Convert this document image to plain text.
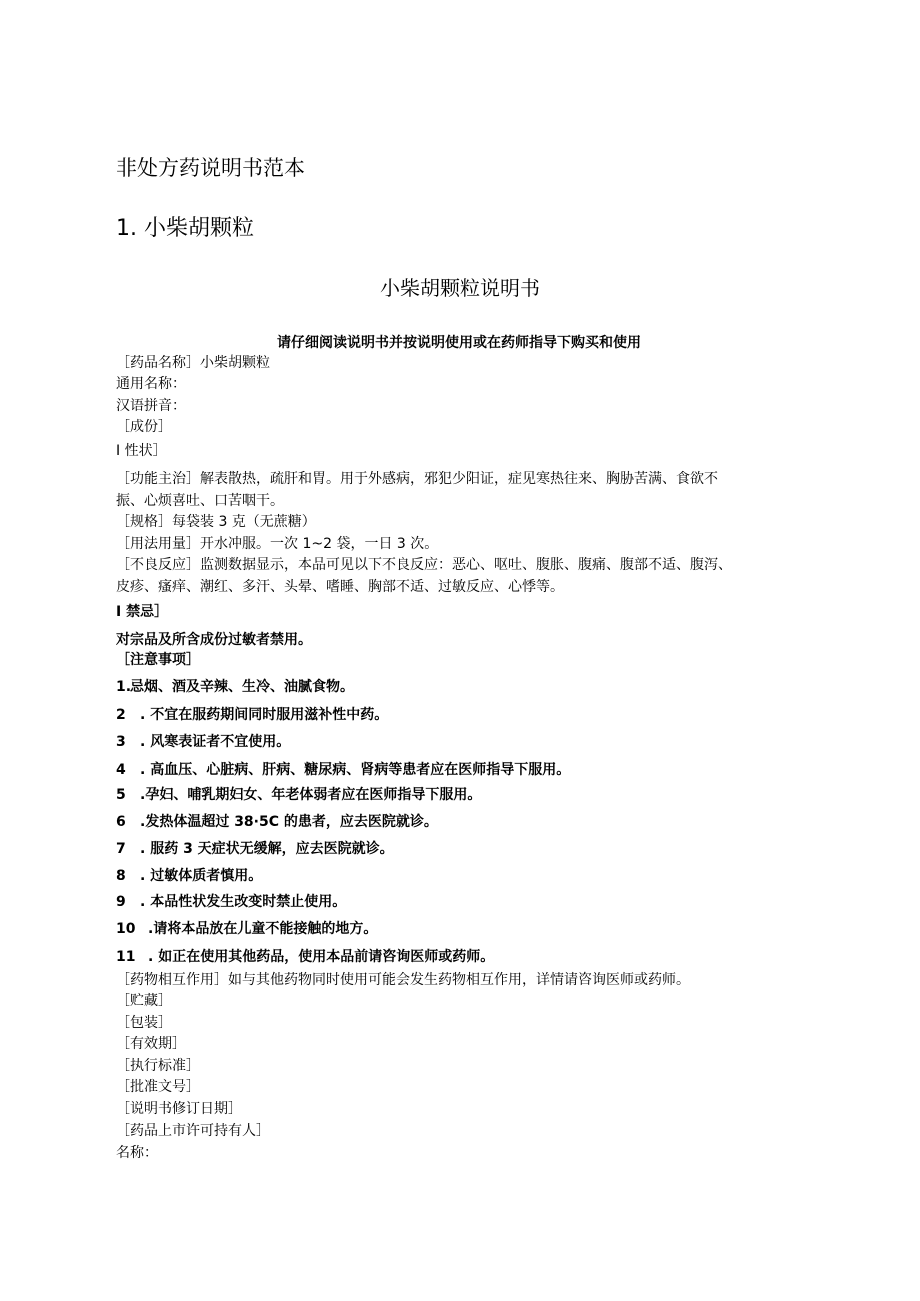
非处方药说明书范本
1. 小柴胡颗粒
小柴胡颗粒说明书
请仔细阅读说明书并按说明使用或在药师指导下购买和使用
［药品名称］小柴胡颗粒
通用名称：
汉语拼音：
［成份］
I 性状］
［功能主治］解表散热，疏肝和胃。用于外感病，邪犯少阳证，症见寒热往来、胸胁苦满、食欲不
振、心烦喜吐、口苦咽干。
［规格］每袋装 3 克（无蔗糖）
［用法用量］开水冲服。一次 1~2 袋，一日 3 次。
［不良反应］监测数据显示，本品可见以下不良反应：恶心、呕吐、腹胀、腹痛、腹部不适、腹泻、
皮疹、瘙痒、潮红、多汗、头晕、嗜睡、胸部不适、过敏反应、心悸等。
I 禁忌］
对宗品及所含成份过敏者禁用。
［注意事项］
1.忌烟、酒及辛辣、生冷、油腻食物。
2 . 不宜在服药期间同时服用滋补性中药。
3 . 风寒表证者不宜使用。
4 . 高血压、心脏病、肝病、糖尿病、肾病等患者应在医师指导下服用。
5 .孕妇、哺乳期妇女、年老体弱者应在医师指导下服用。
6 .发热体温超过 38·5C 的患者，应去医院就诊。
7 . 服药 3 天症状无缓解，应去医院就诊。
8 . 过敏体质者慎用。
9 . 本品性状发生改变时禁止使用。
10 .请将本品放在儿童不能接触的地方。
11 . 如正在使用其他药品，使用本品前请咨询医师或药师。
［药物相互作用］如与其他药物同时使用可能会发生药物相互作用，详情请咨询医师或药师。
［贮藏］
［包装］
［有效期］
［执行标准］
［批准文号］
［说明书修订日期］
［药品上市许可持有人］
名称：
